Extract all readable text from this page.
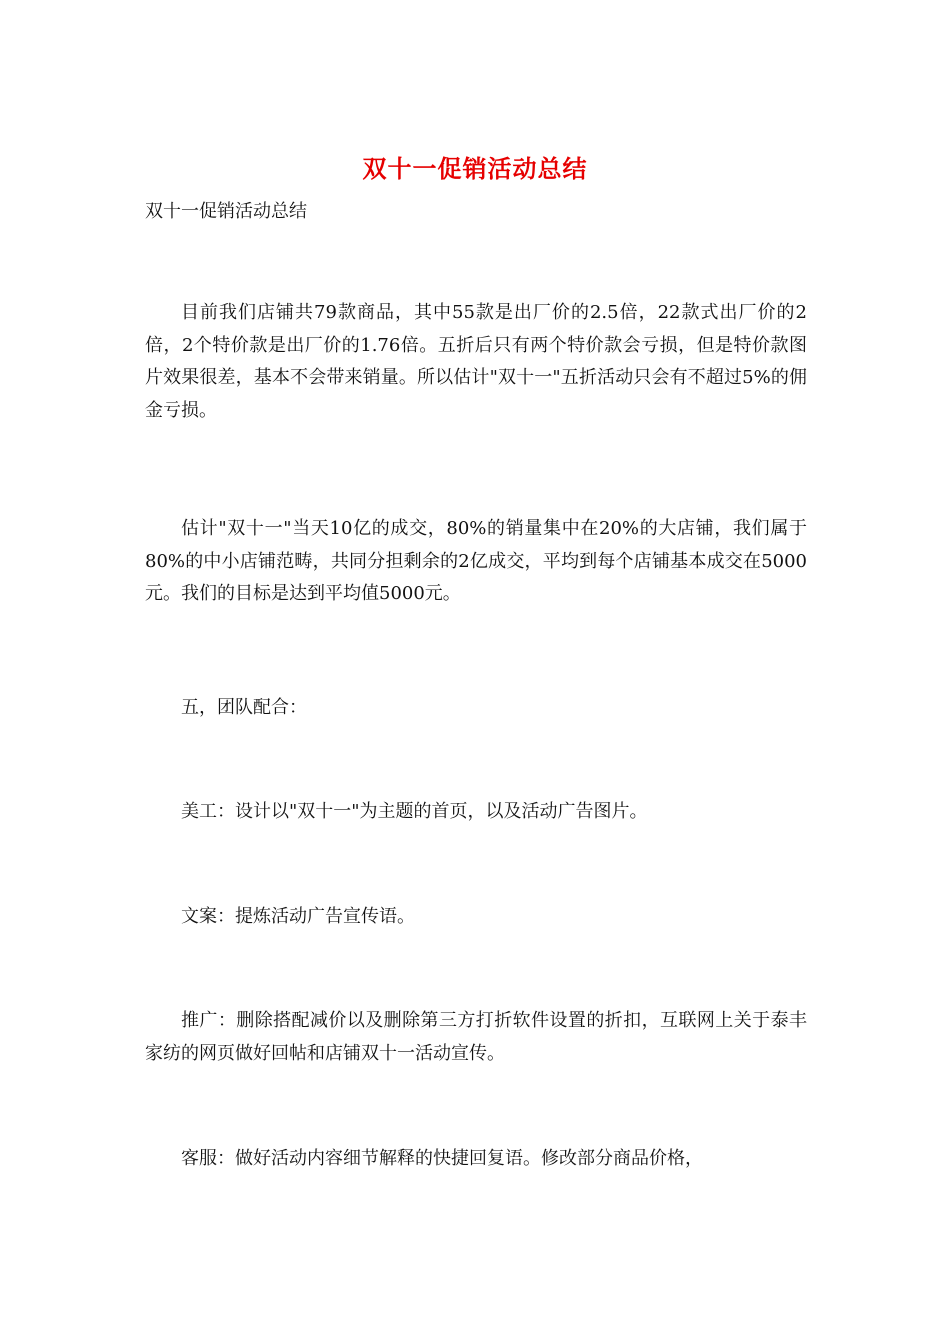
双十一促销活动总结
双十一促销活动总结

目前我们店铺共79款商品，其中55款是出厂价的2.5倍，22款式出厂价的2倍，2个特价款是出厂价的1.76倍。五折后只有两个特价款会亏损，但是特价款图片效果很差，基本不会带来销量。所以估计"双十一"五折活动只会有不超过5%的佣金亏损。

估计"双十一"当天10亿的成交，80%的销量集中在20%的大店铺，我们属于80%的中小店铺范畴，共同分担剩余的2亿成交，平均到每个店铺基本成交在5000元。我们的目标是达到平均值5000元。

五，团队配合：

美工：设计以"双十一"为主题的首页，以及活动广告图片。

文案：提炼活动广告宣传语。

推广：删除搭配减价以及删除第三方打折软件设置的折扣，互联网上关于泰丰家纺的网页做好回帖和店铺双十一活动宣传。

客服：做好活动内容细节解释的快捷回复语。修改部分商品价格，
